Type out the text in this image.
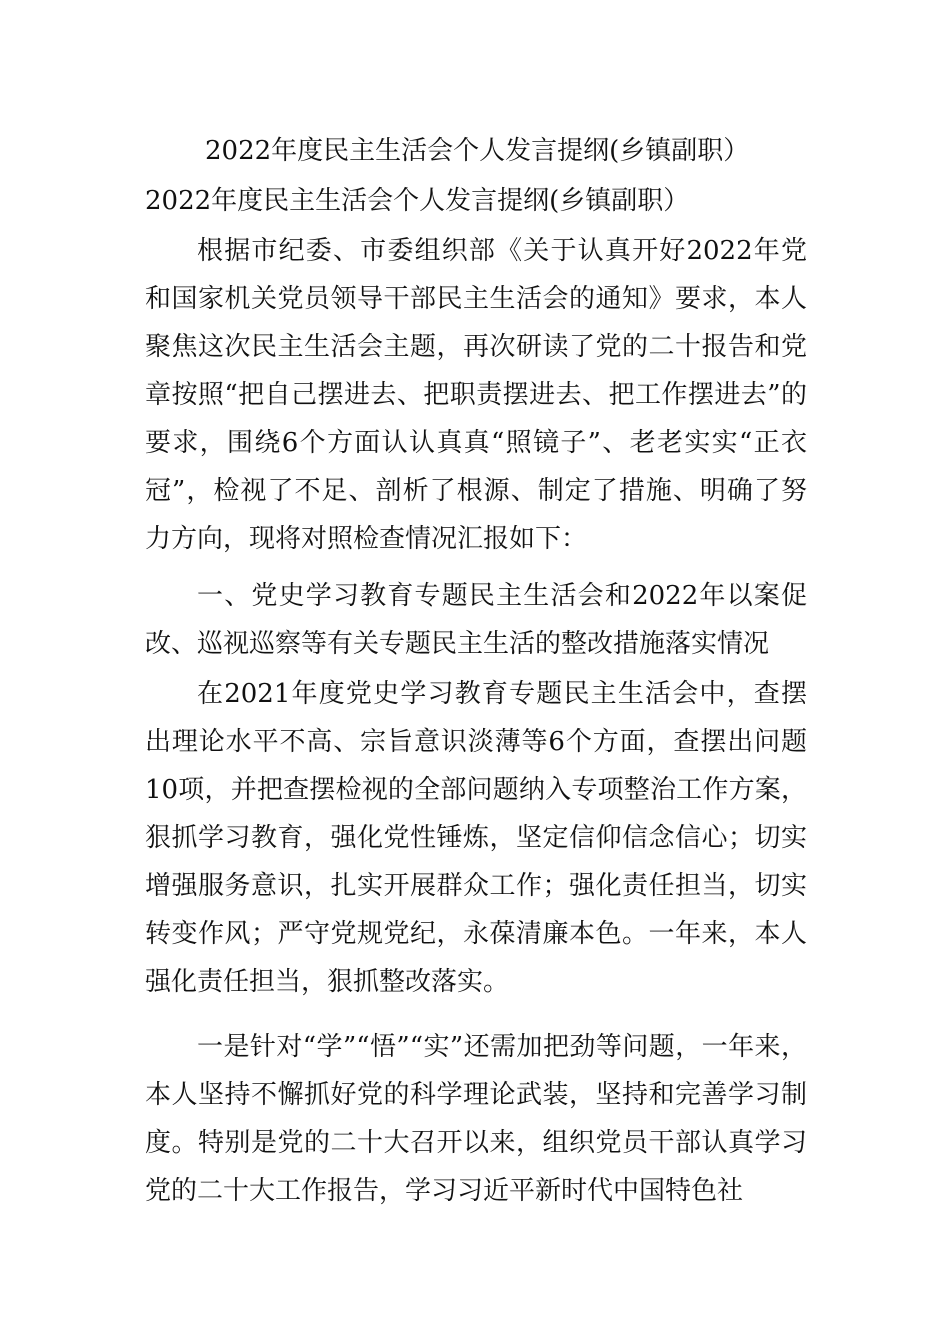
2022年度民主生活会个人发言提纲(乡镇副职）
2022年度民主生活会个人发言提纲(乡镇副职）

根据市纪委、市委组织部《关于认真开好2022年党和国家机关党员领导干部民主生活会的通知》要求，本人聚焦这次民主生活会主题，再次研读了党的二十报告和党章按照“把自己摆进去、把职责摆进去、把工作摆进去”的要求，围绕6个方面认认真真“照镜子”、老老实实“正衣冠”，检视了不足、剖析了根源、制定了措施、明确了努力方向，现将对照检查情况汇报如下：

一、党史学习教育专题民主生活会和2022年以案促改、巡视巡察等有关专题民主生活的整改措施落实情况

在2021年度党史学习教育专题民主生活会中，查摆出理论水平不高、宗旨意识淡薄等6个方面，查摆出问题10项，并把查摆检视的全部问题纳入专项整治工作方案，狠抓学习教育，强化党性锤炼，坚定信仰信念信心；切实增强服务意识，扎实开展群众工作；强化责任担当，切实转变作风；严守党规党纪，永葆清廉本色。一年来，本人强化责任担当，狠抓整改落实。

一是针对“学”“悟”“实”还需加把劲等问题，一年来，本人坚持不懈抓好党的科学理论武装，坚持和完善学习制度。特别是党的二十大召开以来，组织党员干部认真学习党的二十大工作报告，学习习近平新时代中国特色社
